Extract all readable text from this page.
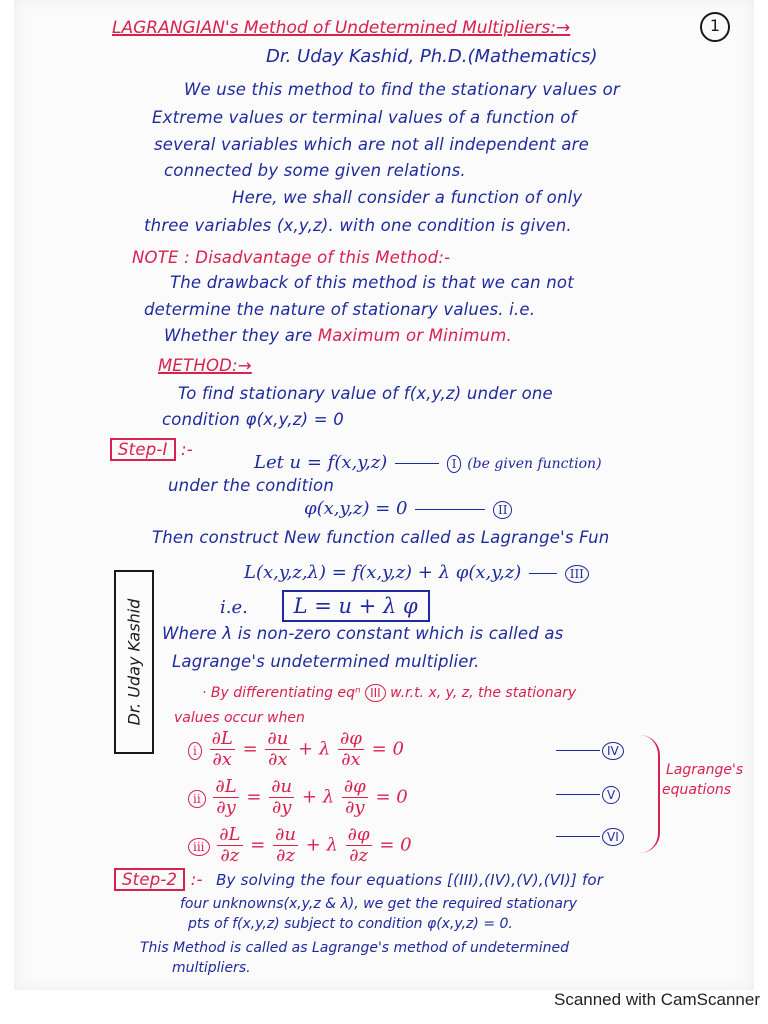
1
LAGRANGIAN's Method of Undetermined Multipliers:→
Dr. Uday Kashid, Ph.D.(Mathematics)
We use this method to find the stationary values or
Extreme values or terminal values of a function of
several variables which are not all independent are
connected by some given relations.
Here, we shall consider a function of only
three variables (x,y,z). with one condition is given.
NOTE : Disadvantage of this Method:-
The drawback of this method is that we can not
determine the nature of stationary values. i.e.
Whether they are Maximum or Minimum.
METHOD:→
To find stationary value of f(x,y,z) under one
condition φ(x,y,z) = 0
Step-I :-
Let u = f(x,y,z)	I (be given function)
under the condition
φ(x,y,z) = 0	II
Then construct New function called as Lagrange's Fun
L(x,y,z,λ) = f(x,y,z) + λ φ(x,y,z)	III
i.e. L = u + λ φ
Where λ is non-zero constant which is called as
Lagrange's undetermined multiplier.
· By differentiating eqⁿ III w.r.t. x, y, z, the stationary
values occur when
Dr. Uday Kashid
i $\frac{\partial L}{\partial x} = \frac{\partial u}{\partial x} + \lambda \frac{\partial\varphi}{\partial x} = 0$	IV
ii $\frac{\partial L}{\partial y} = \frac{\partial u}{\partial y} + \lambda \frac{\partial\varphi}{\partial y} = 0$	V
iii $\frac{\partial L}{\partial z} = \frac{\partial u}{\partial z} + \lambda \frac{\partial\varphi}{\partial z} = 0$	VI
Lagrange's
equations
Step-2 :- By solving the four equations [(III),(IV),(V),(VI)] for
four unknowns(x,y,z & λ), we get the required stationary
pts of f(x,y,z) subject to condition φ(x,y,z) = 0.
This Method is called as Lagrange's method of undetermined
multipliers.
Scanned with CamScanner
